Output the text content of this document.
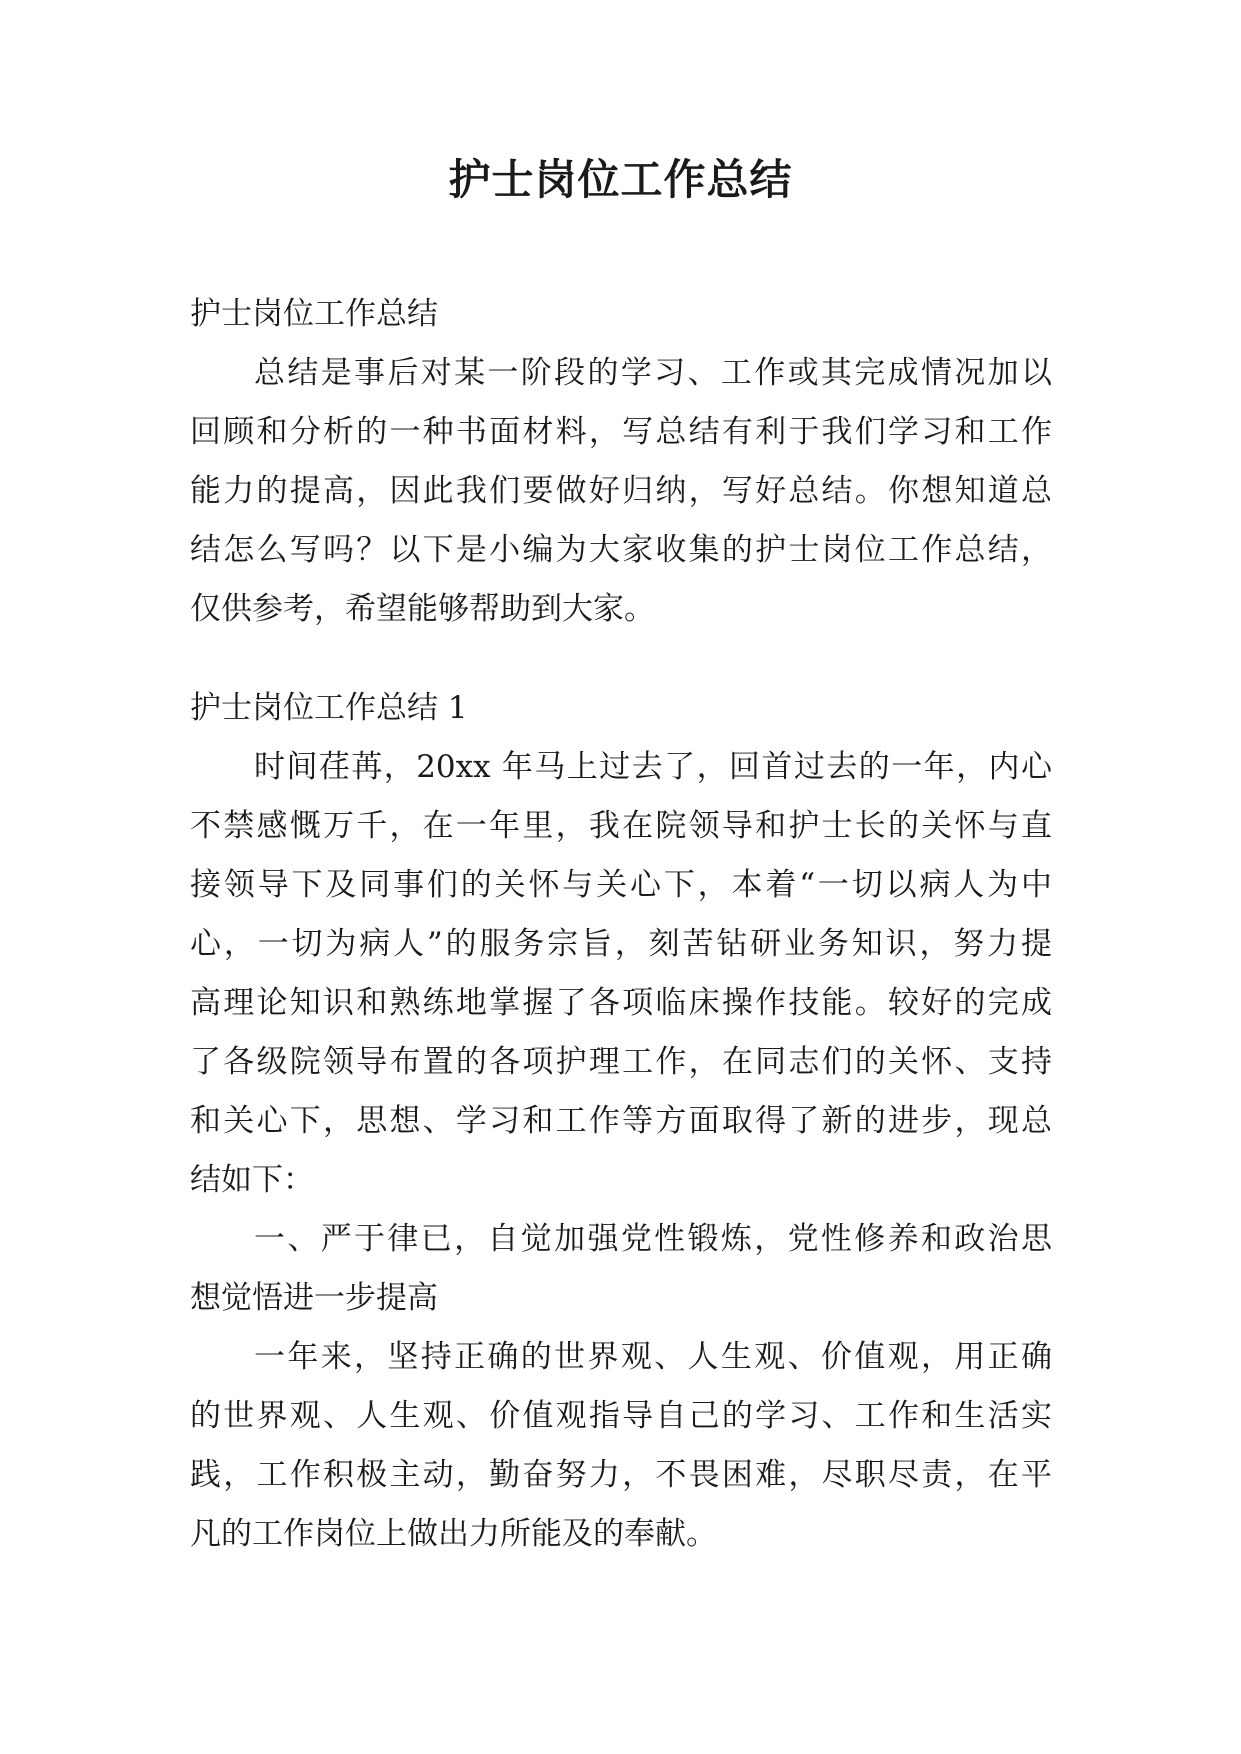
护士岗位工作总结
护士岗位工作总结
总结是事后对某一阶段的学习、工作或其完成情况加以
回顾和分析的一种书面材料，写总结有利于我们学习和工作
能力的提高，因此我们要做好归纳，写好总结。你想知道总
结怎么写吗？以下是小编为大家收集的护士岗位工作总结，
仅供参考，希望能够帮助到大家。
护士岗位工作总结 1
时间荏苒，20xx 年马上过去了，回首过去的一年，内心
不禁感慨万千，在一年里，我在院领导和护士长的关怀与直
接领导下及同事们的关怀与关心下，本着“一切以病人为中
心，一切为病人”的服务宗旨，刻苦钻研业务知识，努力提
高理论知识和熟练地掌握了各项临床操作技能。较好的完成
了各级院领导布置的各项护理工作，在同志们的关怀、支持
和关心下，思想、学习和工作等方面取得了新的进步，现总
结如下：
一、严于律已，自觉加强党性锻炼，党性修养和政治思
想觉悟进一步提高
一年来，坚持正确的世界观、人生观、价值观，用正确
的世界观、人生观、价值观指导自己的学习、工作和生活实
践，工作积极主动，勤奋努力，不畏困难，尽职尽责，在平
凡的工作岗位上做出力所能及的奉献。
